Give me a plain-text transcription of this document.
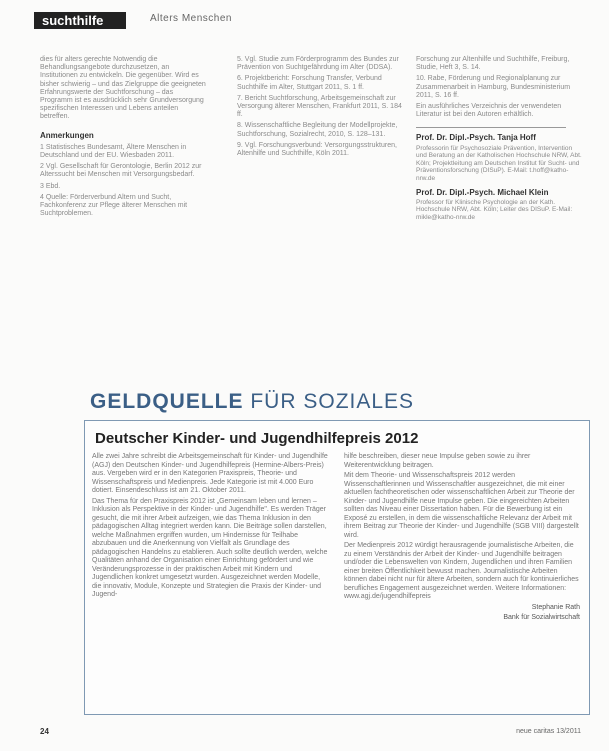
suchthilfe	Alters Menschen

dies für alters gerechte Notwendig die Behandlungsangebote durchzusetzen, an Institutionen zu entwickeln. Die gegenüber. Wird es bisher schwierig – und das Zielgruppe die geeigneten Erfahrungswerte der Suchtforschung – das Programm ist es ausdrücklich sehr Grundversorgung spezifischen Interessen und Lebens anteilen betreffen.

Anmerkungen

1 Statistisches Bundesamt, Ältere Menschen in Deutschland und der EU. Wiesbaden 2011.

2 Vgl. Gesellschaft für Gerontologie, Berlin 2012 zur Alterssucht bei Menschen mit Versorgungsbedarf.

3 Ebd.

4 Quelle: Förderverbund Altern und Sucht, Fachkonferenz zur Pflege älterer Menschen mit Suchtproblemen.

5. Vgl. Studie zum Förderprogramm des Bundes zur Prävention von Suchtgefährdung im Alter (DDSA).

6. Projektbericht: Forschung Transfer, Verbund Suchthilfe im Alter, Stuttgart 2011, S. 1 ff.

7. Bericht Suchtforschung, Arbeitsgemeinschaft zur Versorgung älterer Menschen, Frankfurt 2011, S. 184 ff.

8. Wissenschaftliche Begleitung der Modellprojekte, Suchtforschung, Sozialrecht, 2010, S. 128–131.

9. Vgl. Forschungsverbund: Versorgungsstrukturen, Altenhilfe und Suchthilfe, Köln 2011.

Forschung zur Altenhilfe und Suchthilfe, Freiburg, Studie, Heft 3, S. 14.

10. Rabe, Förderung und Regionalplanung zur Zusammenarbeit in Hamburg, Bundesministerium 2011, S. 16 ff.

Ein ausführliches Verzeichnis der verwendeten Literatur ist bei den Autoren erhältlich.

Prof. Dr. Dipl.-Psych. Tanja Hoff
Professorin für Psychosoziale Prävention, Intervention und Beratung an der Katholischen Hochschule NRW, Abt. Köln; Projektleitung am Deutschen Institut für Sucht- und Präventionsforschung (DISuP). E-Mail: t.hoff@katho-nrw.de
Prof. Dr. Dipl.-Psych. Michael Klein
Professor für Klinische Psychologie an der Kath. Hochschule NRW, Abt. Köln; Leiter des DISuP. E-Mail: mikle@katho-nrw.de
GELDQUELLE FÜR SOZIALES
Deutscher Kinder- und Jugendhilfepreis 2012

Alle zwei Jahre schreibt die Arbeitsgemeinschaft für Kinder- und Jugendhilfe (AGJ) den Deutschen Kinder- und Jugendhilfepreis (Hermine-Albers-Preis) aus. Vergeben wird er in den Kategorien Praxispreis, Theorie- und Wissenschaftspreis und Medienpreis. Jede Kategorie ist mit 4.000 Euro dotiert. Einsendeschluss ist am 21. Oktober 2011.

Das Thema für den Praxispreis 2012 ist „Gemeinsam leben und lernen – Inklusion als Perspektive in der Kinder- und Jugendhilfe". Es werden Träger gesucht, die mit ihrer Arbeit aufzeigen, wie das Thema Inklusion in den pädagogischen Alltag integriert werden kann. Die Beiträge sollen darstellen, welche Maßnahmen ergriffen wurden, um Hindernisse für Teilhabe abzubauen und die Anerkennung von Vielfalt als Grundlage des pädagogischen Handelns zu etablieren. Auch sollte deutlich werden, welche Qualitäten anhand der Organisation einer Einrichtung gefördert und wie Veränderungsprozesse in der praktischen Arbeit mit Kindern und Jugendlichen konkret umgesetzt wurden. Ausgezeichnet werden Modelle, die innovativ, Module, Konzepte und Strategien die Praxis der Kinder- und Jugend-

hilfe beschreiben, dieser neue Impulse geben sowie zu ihrer Weiterentwicklung beitragen.

Mit dem Theorie- und Wissenschaftspreis 2012 werden Wissenschaftlerinnen und Wissenschaftler ausgezeichnet, die mit einer aktuellen fachtheoretischen oder wissenschaftlichen Arbeit zur Theorie der Kinder- und Jugendhilfe neue Impulse geben. Die eingereichten Arbeiten sollten das Niveau einer Dissertation haben. Für die Bewerbung ist ein Exposé zu erstellen, in dem die wissenschaftliche Relevanz der Arbeit mit ihrem Beitrag zur Theorie der Kinder- und Jugendhilfe (SGB VIII) dargestellt wird.

Der Medienpreis 2012 würdigt herausragende journalistische Arbeiten, die zu einem Verständnis der Arbeit der Kinder- und Jugendhilfe beitragen und/oder die Lebenswelten von Kindern, Jugendlichen und ihren Familien einer breiten Öffentlichkeit bewusst machen. Journalistische Arbeiten können dabei nicht nur für ältere Arbeiten, sondern auch für kontinuierliches berufliches Engagement ausgezeichnet werden. Weitere Informationen: www.agj.de/jugendhilfepreis

Stephanie Rath

Bank für Sozialwirtschaft

24	neue caritas 13/2011
